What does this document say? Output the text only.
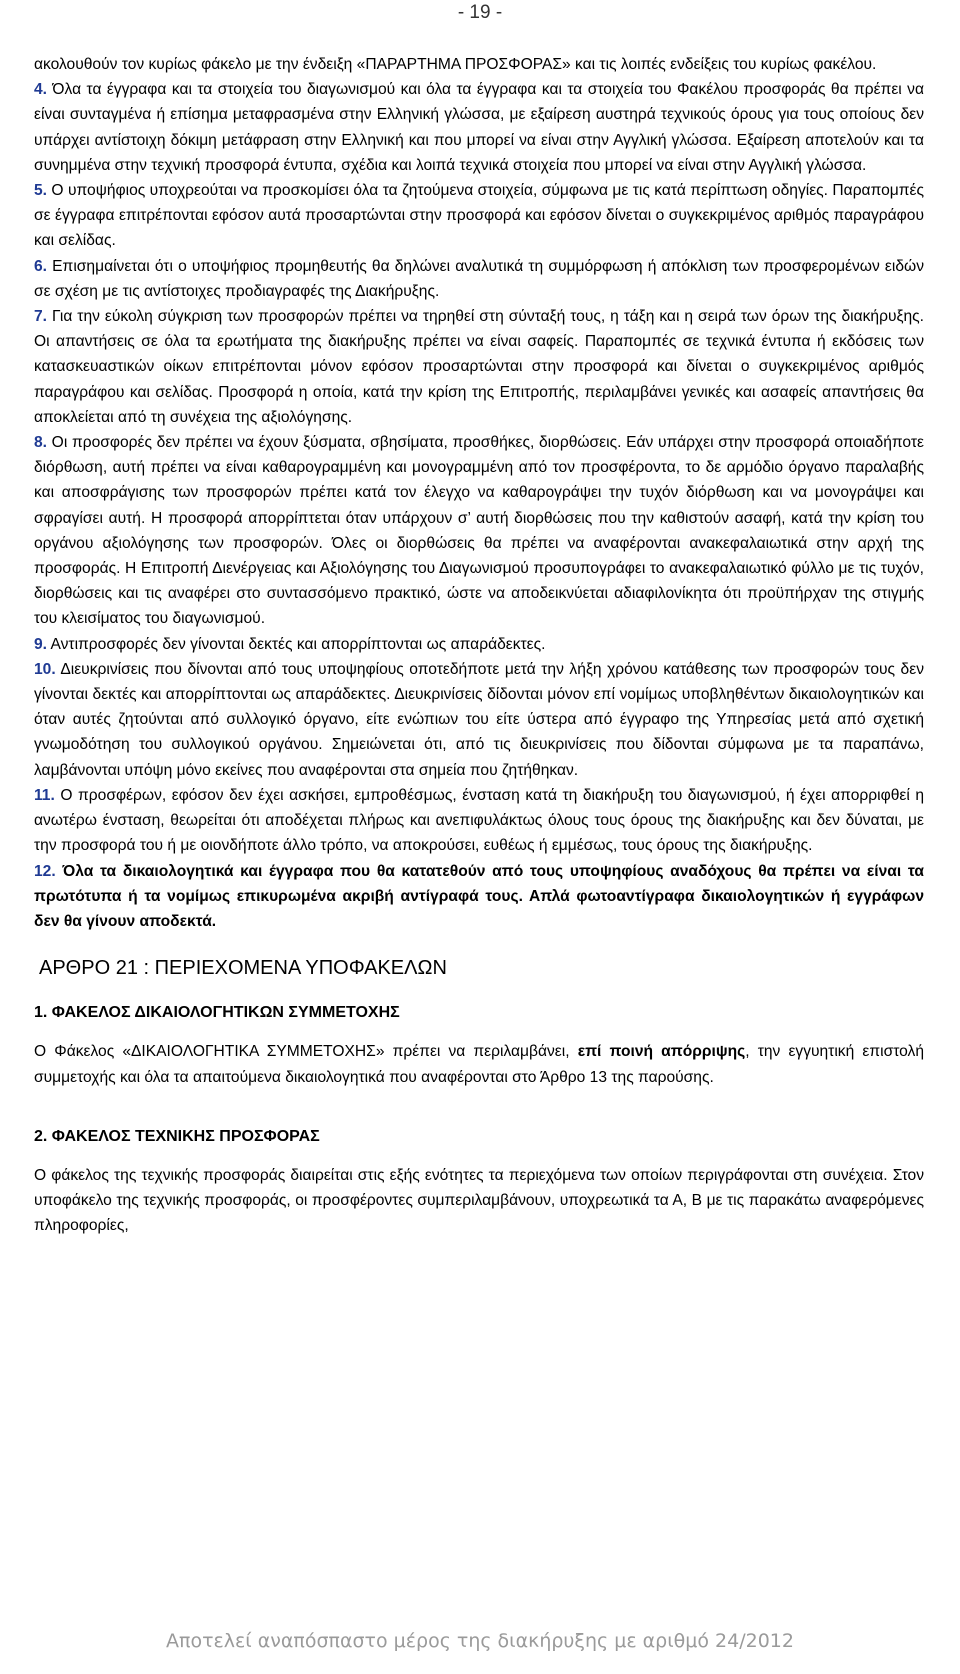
- 19 -

ακολουθούν τον κυρίως φάκελο με την ένδειξη «ΠΑΡΑΡΤΗΜΑ ΠΡΟΣΦΟΡΑΣ» και τις λοιπές ενδείξεις του κυρίως φακέλου.

4. Όλα τα έγγραφα και τα στοιχεία του διαγωνισμού και όλα τα έγγραφα και τα στοιχεία του Φακέλου προσφοράς θα πρέπει να είναι συνταγμένα ή επίσημα μεταφρασμένα στην Ελληνική γλώσσα, με εξαίρεση αυστηρά τεχνικούς όρους για τους οποίους δεν υπάρχει αντίστοιχη δόκιμη μετάφραση στην Ελληνική και που μπορεί να είναι στην Αγγλική γλώσσα. Εξαίρεση αποτελούν και τα συνημμένα στην τεχνική προσφορά έντυπα, σχέδια και λοιπά τεχνικά στοιχεία που μπορεί να είναι στην Αγγλική γλώσσα.

5. Ο υποψήφιος υποχρεούται να προσκομίσει όλα τα ζητούμενα στοιχεία, σύμφωνα με τις κατά περίπτωση οδηγίες. Παραπομπές σε έγγραφα επιτρέπονται εφόσον αυτά προσαρτώνται στην προσφορά και εφόσον δίνεται ο συγκεκριμένος αριθμός παραγράφου και σελίδας.

6. Επισημαίνεται ότι ο υποψήφιος προμηθευτής θα δηλώνει αναλυτικά τη συμμόρφωση ή απόκλιση των προσφερομένων ειδών σε σχέση με τις αντίστοιχες προδιαγραφές της Διακήρυξης.

7. Για την εύκολη σύγκριση των προσφορών πρέπει να τηρηθεί στη σύνταξή τους, η τάξη και η σειρά των όρων της διακήρυξης. Οι απαντήσεις σε όλα τα ερωτήματα της διακήρυξης πρέπει να είναι σαφείς. Παραπομπές σε τεχνικά έντυπα ή εκδόσεις των κατασκευαστικών οίκων επιτρέπονται μόνον εφόσον προσαρτώνται στην προσφορά και δίνεται ο συγκεκριμένος αριθμός παραγράφου και σελίδας. Προσφορά η οποία, κατά την κρίση της Επιτροπής, περιλαμβάνει γενικές και ασαφείς απαντήσεις θα αποκλείεται από τη συνέχεια της αξιολόγησης.

8. Οι προσφορές δεν πρέπει να έχουν ξύσματα, σβησίματα, προσθήκες, διορθώσεις. Εάν υπάρχει στην προσφορά οποιαδήποτε διόρθωση, αυτή πρέπει να είναι καθαρογραμμένη και μονογραμμένη από τον προσφέροντα, το δε αρμόδιο όργανο παραλαβής και αποσφράγισης των προσφορών πρέπει κατά τον έλεγχο να καθαρογράψει την τυχόν διόρθωση και να μονογράψει και σφραγίσει αυτή. Η προσφορά απορρίπτεται όταν υπάρχουν σ’ αυτή διορθώσεις που την καθιστούν ασαφή, κατά την κρίση του οργάνου αξιολόγησης των προσφορών. Όλες οι διορθώσεις θα πρέπει να αναφέρονται ανακεφαλαιωτικά στην αρχή της προσφοράς. Η Επιτροπή Διενέργειας και Αξιολόγησης του Διαγωνισμού προσυπογράφει το ανακεφαλαιωτικό φύλλο με τις τυχόν, διορθώσεις και τις αναφέρει στο συντασσόμενο πρακτικό, ώστε να αποδεικνύεται αδιαφιλονίκητα ότι προϋπήρχαν της στιγμής του κλεισίματος του διαγωνισμού.

9. Αντιπροσφορές δεν γίνονται δεκτές και απορρίπτονται ως απαράδεκτες.

10. Διευκρινίσεις που δίνονται από τους υποψηφίους οποτεδήποτε μετά την λήξη χρόνου κατάθεσης των προσφορών τους δεν γίνονται δεκτές και απορρίπτονται ως απαράδεκτες. Διευκρινίσεις δίδονται μόνον επί νομίμως υποβληθέντων δικαιολογητικών και όταν αυτές ζητούνται από συλλογικό όργανο, είτε ενώπιων του είτε ύστερα από έγγραφο της Υπηρεσίας μετά από σχετική γνωμοδότηση του συλλογικού οργάνου. Σημειώνεται ότι, από τις διευκρινίσεις που δίδονται σύμφωνα με τα παραπάνω, λαμβάνονται υπόψη μόνο εκείνες που αναφέρονται στα σημεία που ζητήθηκαν.

11. Ο προσφέρων, εφόσον δεν έχει ασκήσει, εμπροθέσμως, ένσταση κατά τη διακήρυξη του διαγωνισμού, ή έχει απορριφθεί η ανωτέρω ένσταση, θεωρείται ότι αποδέχεται πλήρως και ανεπιφυλάκτως όλους τους όρους της διακήρυξης και δεν δύναται, με την προσφορά του ή με οιονδήποτε άλλο τρόπο, να αποκρούσει, ευθέως ή εμμέσως, τους όρους της διακήρυξης.

12. Όλα τα δικαιολογητικά και έγγραφα που θα κατατεθούν από τους υποψηφίους αναδόχους θα πρέπει να είναι τα πρωτότυπα ή τα νομίμως επικυρωμένα ακριβή αντίγραφά τους. Απλά φωτοαντίγραφα δικαιολογητικών ή εγγράφων δεν θα γίνουν αποδεκτά.

ΑΡΘΡΟ 21 : ΠΕΡΙΕΧΟΜΕΝΑ ΥΠΟΦΑΚΕΛΩΝ

1. ΦΑΚΕΛΟΣ ΔΙΚΑΙΟΛΟΓΗΤΙΚΩΝ ΣΥΜΜΕΤΟΧΗΣ

Ο Φάκελος «ΔΙΚΑΙΟΛΟΓΗΤΙΚΑ ΣΥΜΜΕΤΟΧΗΣ» πρέπει να περιλαμβάνει, επί ποινή απόρριψης, την εγγυητική επιστολή συμμετοχής και όλα τα απαιτούμενα δικαιολογητικά που αναφέρονται στο Άρθρο 13 της παρούσης.

2. ΦΑΚΕΛΟΣ ΤΕΧΝΙΚΗΣ ΠΡΟΣΦΟΡΑΣ

Ο φάκελος της τεχνικής προσφοράς διαιρείται στις εξής ενότητες τα περιεχόμενα των οποίων περιγράφονται στη συνέχεια. Στον υποφάκελο της τεχνικής προσφοράς, οι προσφέροντες συμπεριλαμβάνουν, υποχρεωτικά τα Α, Β με τις παρακάτω αναφερόμενες πληροφορίες,

Αποτελεί αναπόσπαστο μέρος της διακήρυξης με αριθμό 24/2012
